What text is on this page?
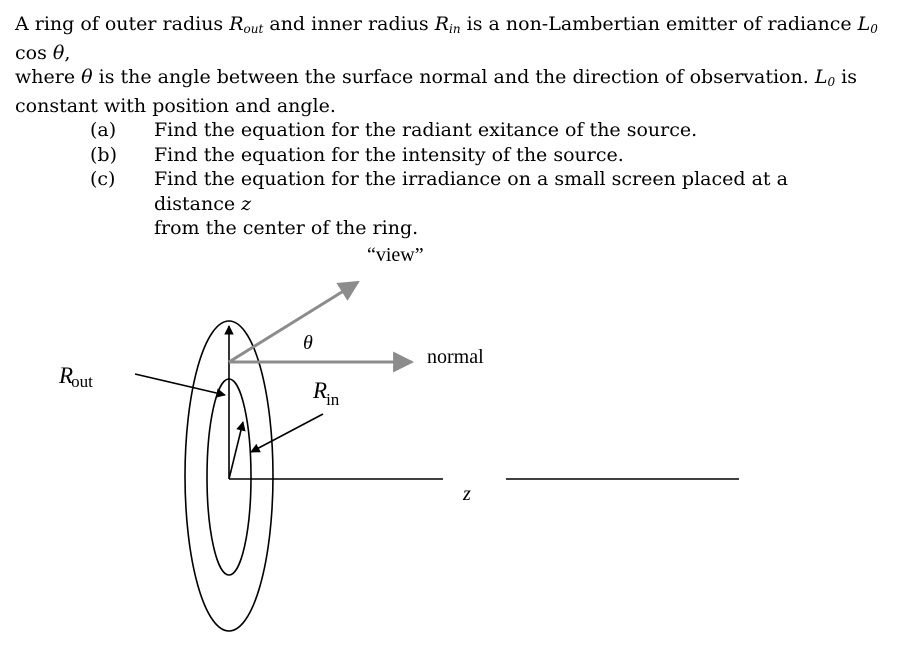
A ring of outer radius $R_{out}$ and inner radius $R_{in}$ is a non-Lambertian emitter of radiance $L_0$ cos θ,

where θ is the angle between the surface normal and the direction of observation. $L_0$ is

constant with position and angle.

(a)	Find the equation for the radiant exitance of the source.
(b)	Find the equation for the intensity of the source.
(c)	Find the equation for the irradiance on a small screen placed at a distance z
from the center of the ring.
“view”
θ
normal
Rout	Rin
z
